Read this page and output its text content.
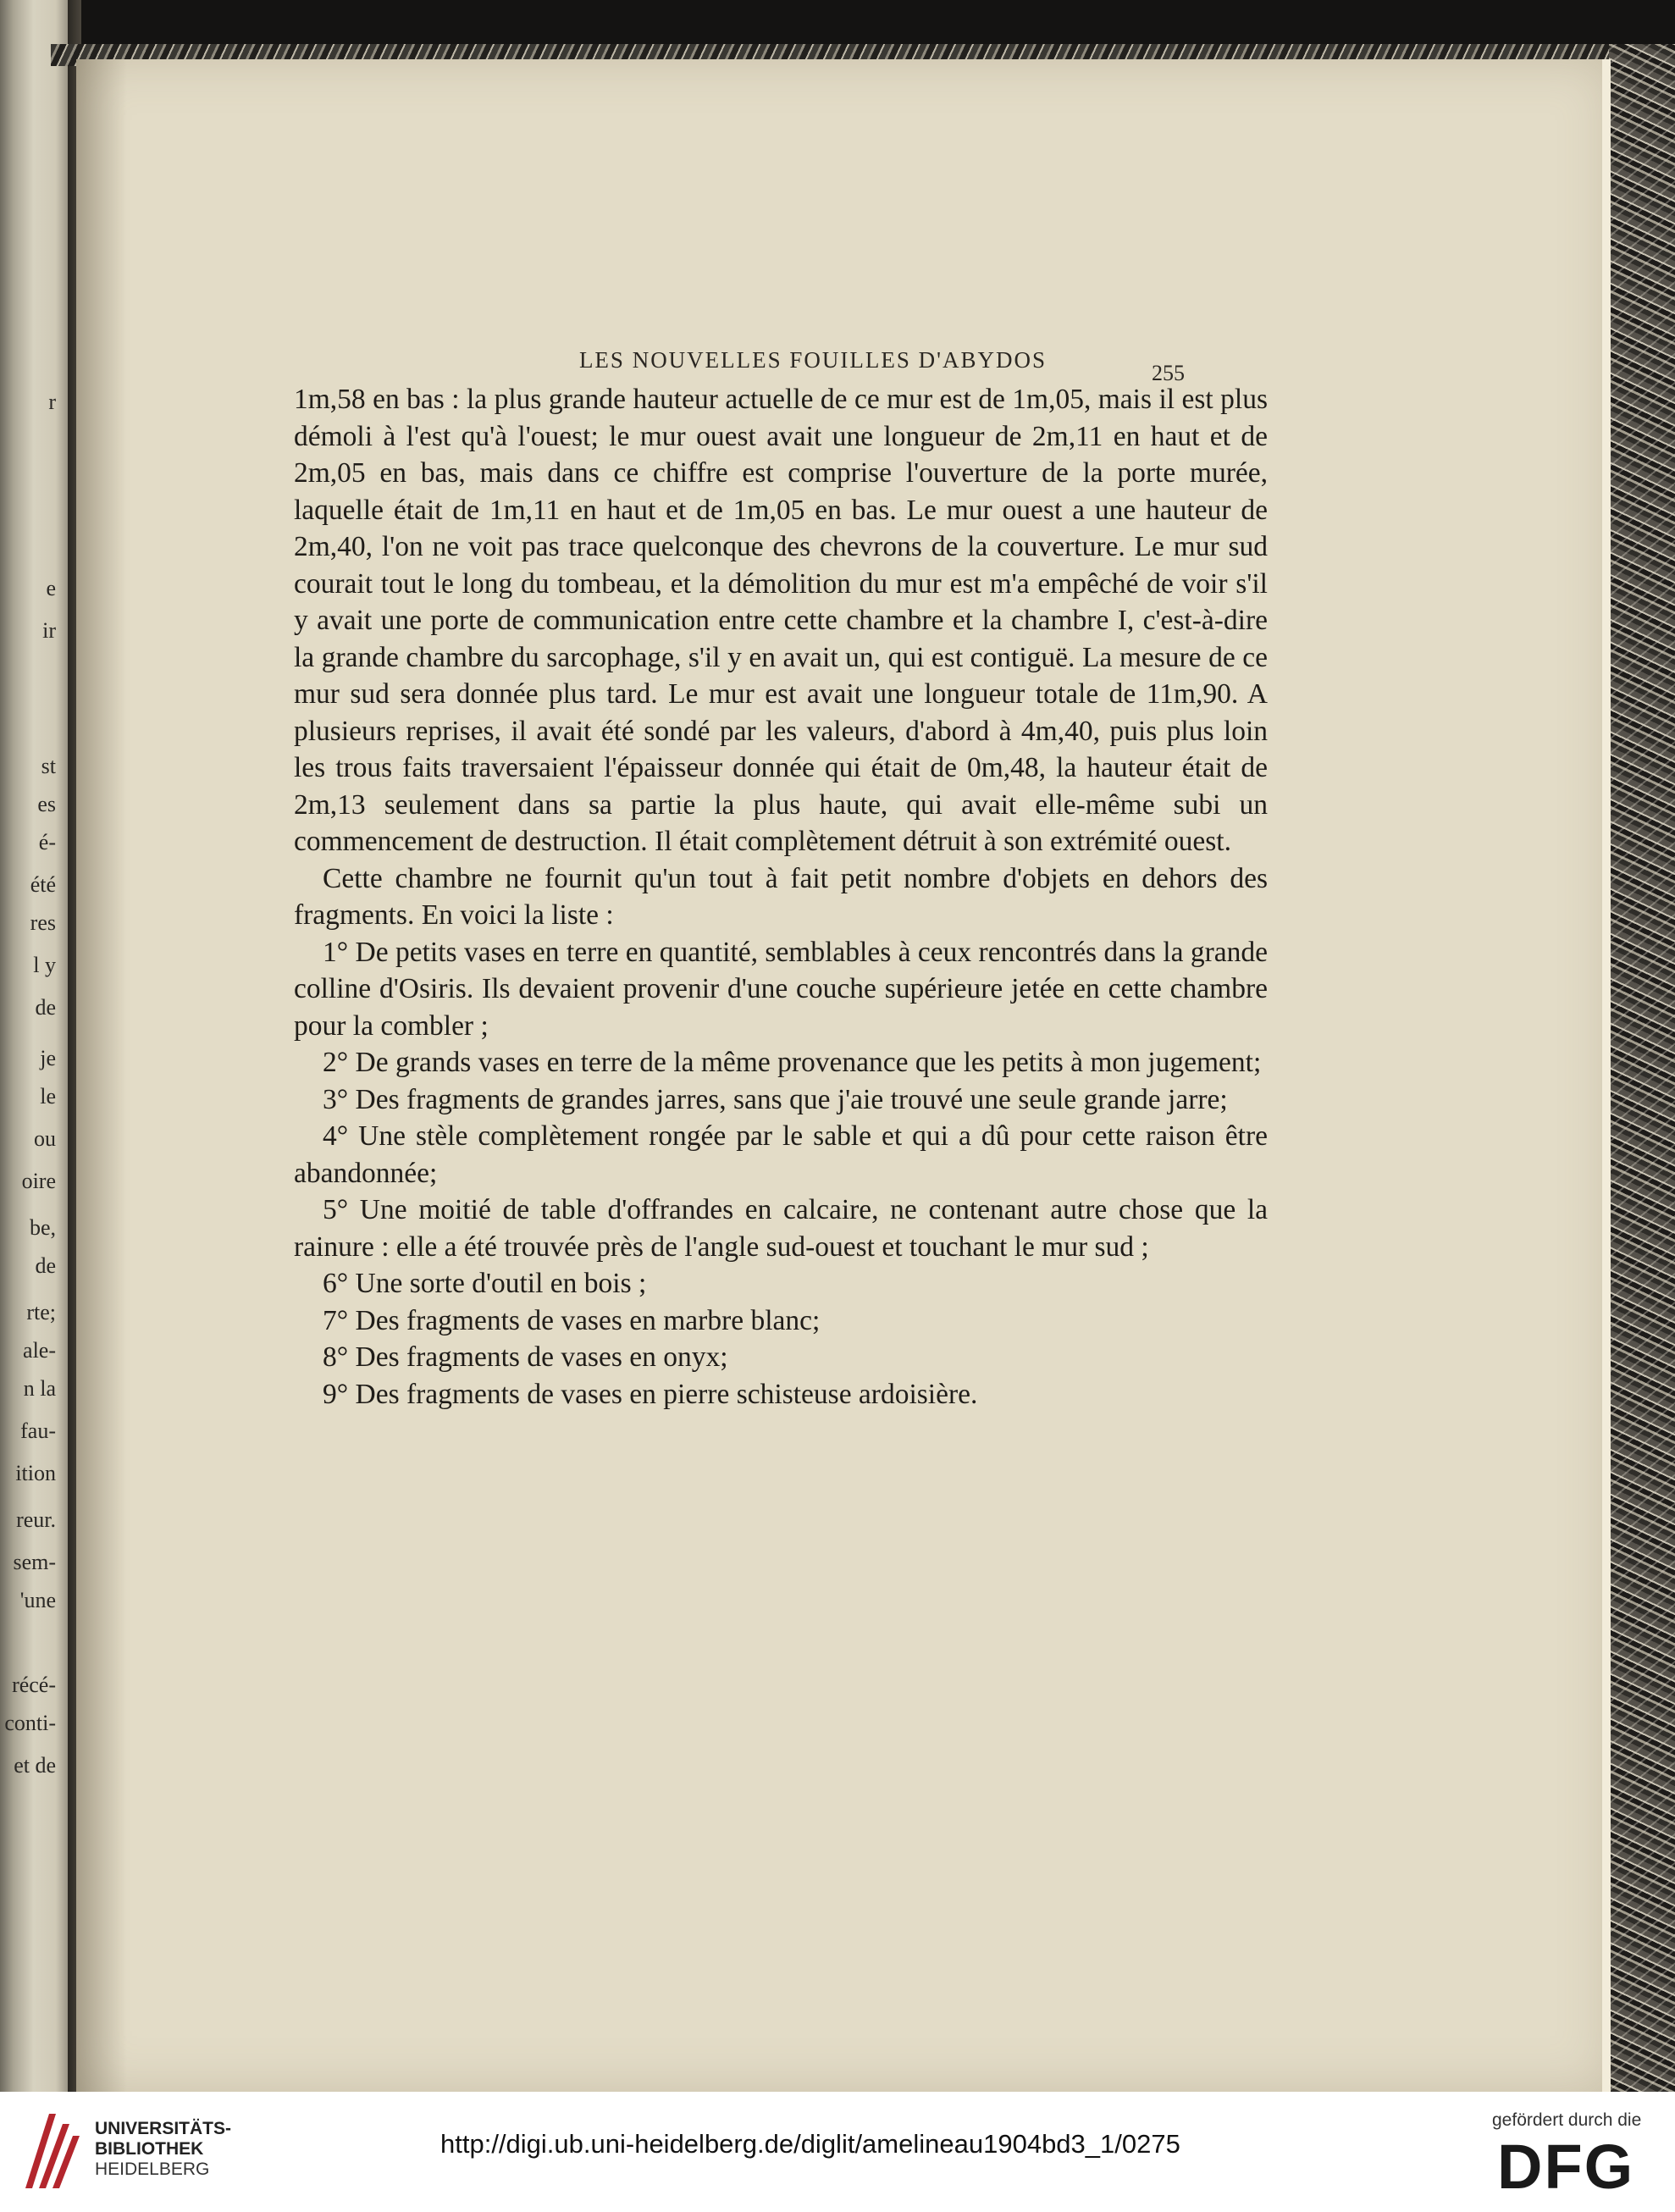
r
e
ir
st
es
é-
été
res
l y
de
je
le
ou
oire
be,
de
rte;
ale-
n la
fau-
ition
reur.
sem-
'une
récé-
conti-
et de
LES NOUVELLES FOUILLES D'ABYDOS
255

1m,58 en bas : la plus grande hauteur actuelle de ce mur est de 1m,05, mais il est plus démoli à l'est qu'à l'ouest; le mur ouest avait une longueur de 2m,11 en haut et de 2m,05 en bas, mais dans ce chiffre est comprise l'ouverture de la porte murée, laquelle était de 1m,11 en haut et de 1m,05 en bas. Le mur ouest a une hauteur de 2m,40, l'on ne voit pas trace quelconque des chevrons de la couverture. Le mur sud courait tout le long du tombeau, et la démolition du mur est m'a empêché de voir s'il y avait une porte de communication entre cette chambre et la chambre I, c'est-à-dire la grande chambre du sarcophage, s'il y en avait un, qui est contiguë. La mesure de ce mur sud sera donnée plus tard. Le mur est avait une longueur totale de 11m,90. A plusieurs reprises, il avait été sondé par les valeurs, d'abord à 4m,40, puis plus loin les trous faits traversaient l'épaisseur donnée qui était de 0m,48, la hauteur était de 2m,13 seulement dans sa partie la plus haute, qui avait elle-même subi un commencement de destruction. Il était complètement détruit à son extrémité ouest.

Cette chambre ne fournit qu'un tout à fait petit nombre d'objets en dehors des fragments. En voici la liste :

1° De petits vases en terre en quantité, semblables à ceux rencontrés dans la grande colline d'Osiris. Ils devaient provenir d'une couche supérieure jetée en cette chambre pour la combler ;

2° De grands vases en terre de la même provenance que les petits à mon jugement;

3° Des fragments de grandes jarres, sans que j'aie trouvé une seule grande jarre;

4° Une stèle complètement rongée par le sable et qui a dû pour cette raison être abandonnée;

5° Une moitié de table d'offrandes en calcaire, ne contenant autre chose que la rainure : elle a été trouvée près de l'angle sud-ouest et touchant le mur sud ;

6° Une sorte d'outil en bois ;

7° Des fragments de vases en marbre blanc;

8° Des fragments de vases en onyx;

9° Des fragments de vases en pierre schisteuse ardoisière.

UNIVERSITÄTS-
BIBLIOTHEK
HEIDELBERG
http://digi.ub.uni-heidelberg.de/diglit/amelineau1904bd3_1/0275
gefördert durch die
DFG
